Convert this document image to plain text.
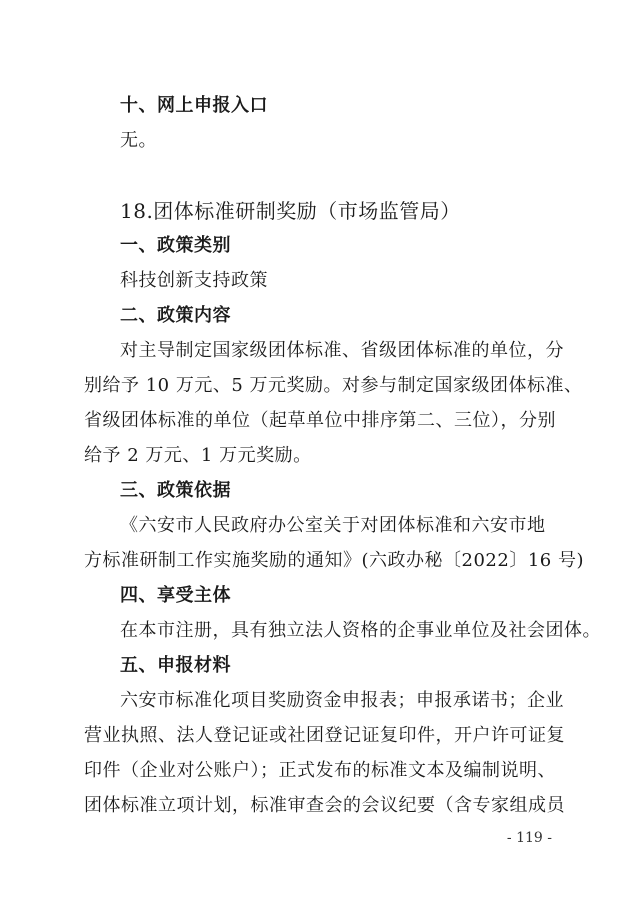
十、网上申报入口
无。
18.团体标准研制奖励（市场监管局）
一、政策类别
科技创新支持政策
二、政策内容
对主导制定国家级团体标准、省级团体标准的单位，分
别给予 10 万元、5 万元奖励。对参与制定国家级团体标准、
省级团体标准的单位（起草单位中排序第二、三位），分别
给予 2 万元、1 万元奖励。
三、政策依据
《六安市人民政府办公室关于对团体标准和六安市地
方标准研制工作实施奖励的通知》(六政办秘〔2022〕16 号)
四、享受主体
在本市注册，具有独立法人资格的企事业单位及社会团体。
五、申报材料
六安市标准化项目奖励资金申报表；申报承诺书；企业
营业执照、法人登记证或社团登记证复印件，开户许可证复
印件（企业对公账户）；正式发布的标准文本及编制说明、
团体标准立项计划，标准审查会的会议纪要（含专家组成员
- 119 -
